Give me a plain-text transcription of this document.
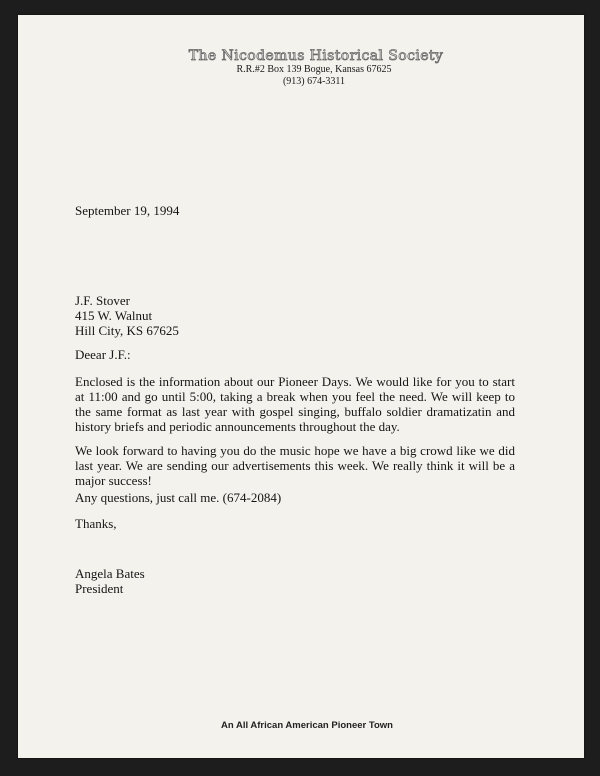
The Nicodemus Historical Society
R.R.#2 Box 139 Bogue, Kansas 67625
(913) 674-3311
September 19, 1994
J.F. Stover
415 W. Walnut
Hill City, KS 67625
Deear J.F.:
Enclosed is the information about our Pioneer Days. We would like for you to start at 11:00 and go until 5:00, taking a break when you feel the need. We will keep to the same format as last year with gospel singing, buffalo soldier dramatizatin and history briefs and periodic announcements throughout the day.
We look forward to having you do the music hope we have a big crowd like we did last year. We are sending our advertisements this week. We really think it will be a major success!
Any questions, just call me. (674-2084)
Thanks,
Angela Bates
President
An All African American Pioneer Town
